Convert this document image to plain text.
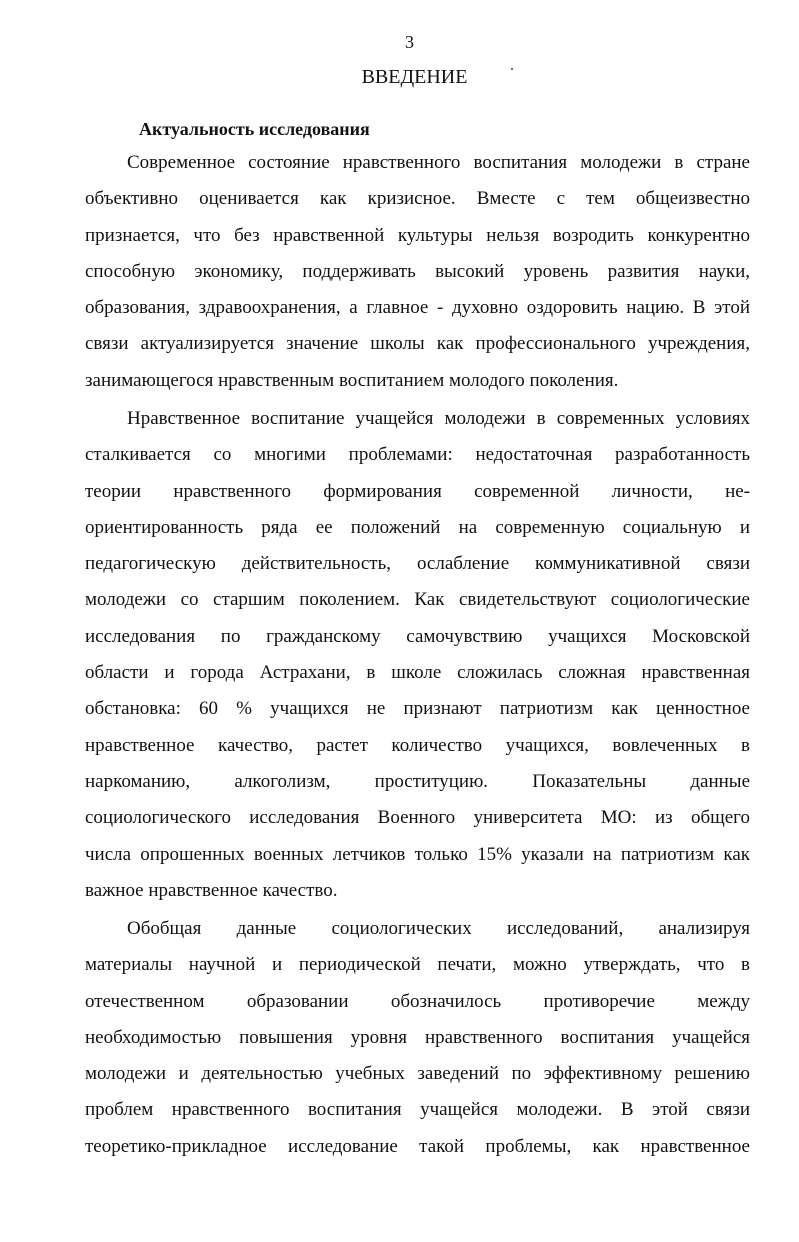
3
ВВЕДЕНИЕ
Актуальность исследования
Современное состояние нравственного воспитания молодежи в стране
объективно оценивается как кризисное. Вместе с тем общеизвестно
признается, что без нравственной культуры нельзя возродить конкурентно
способную экономику, поддерживать высокий уровень развития науки,
образования, здравоохранения, а главное - духовно оздоровить нацию. В этой
связи актуализируется значение школы как профессионального учреждения,
занимающегося нравственным воспитанием молодого поколения.
Нравственное воспитание учащейся молодежи в современных условиях
сталкивается со многими проблемами: недостаточная разработанность
теории нравственного формирования современной личности, не-
ориентированность ряда ее положений на современную социальную и
педагогическую действительность, ослабление коммуникативной связи
молодежи со старшим поколением. Как свидетельствуют социологические
исследования по гражданскому самочувствию учащихся Московской
области и города Астрахани, в школе сложилась сложная нравственная
обстановка: 60 % учащихся не признают патриотизм как ценностное
нравственное качество, растет количество учащихся, вовлеченных в
наркоманию, алкоголизм, проституцию. Показательны данные
социологического исследования Военного университета МО: из общего
числа опрошенных военных летчиков только 15% указали на патриотизм как
важное нравственное качество.
Обобщая данные социологических исследований, анализируя
материалы научной и периодической печати, можно утверждать, что в
отечественном образовании обозначилось противоречие между
необходимостью повышения уровня нравственного воспитания учащейся
молодежи и деятельностью учебных заведений по эффективному решению
проблем нравственного воспитания учащейся молодежи. В этой связи
теоретико-прикладное исследование такой проблемы, как нравственное
